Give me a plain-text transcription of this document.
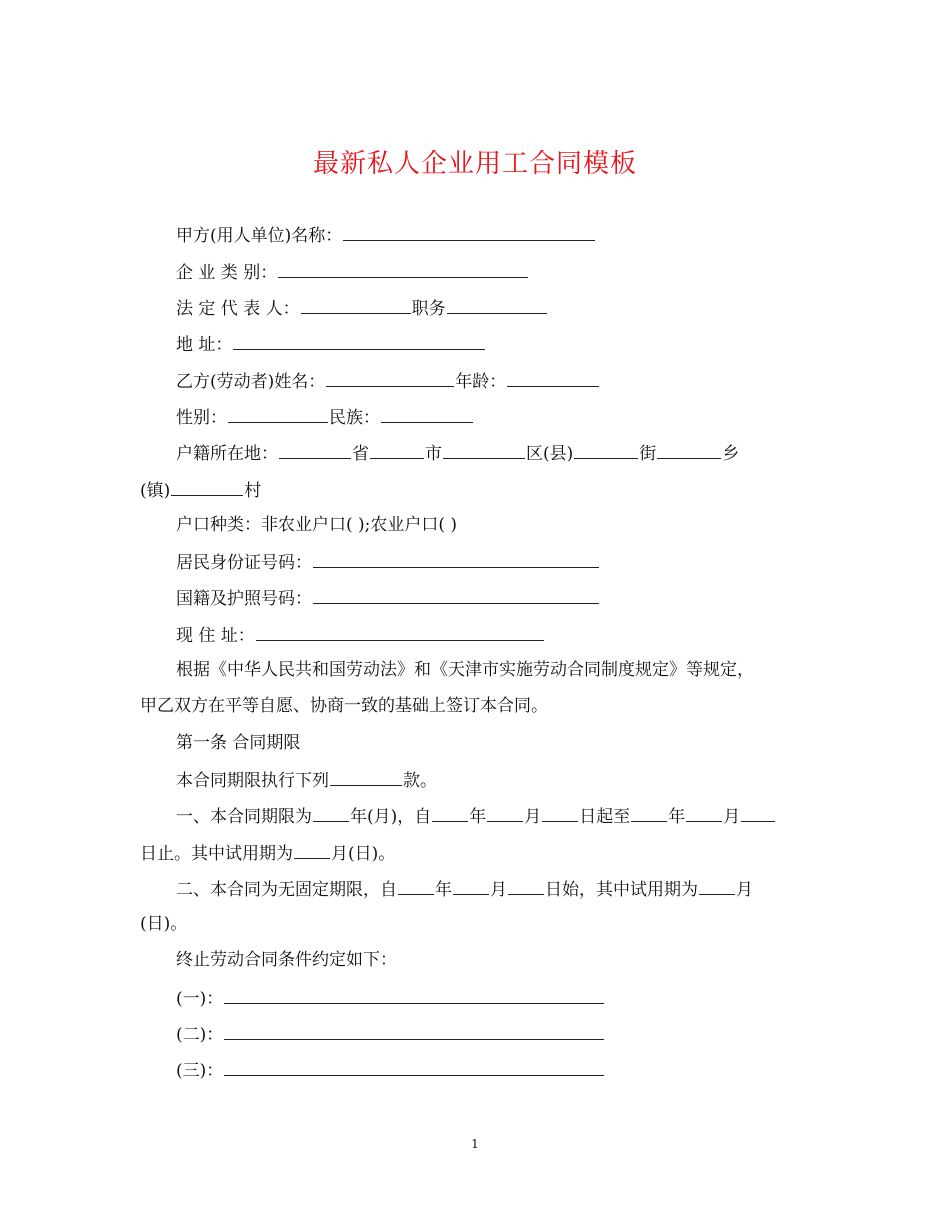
最新私人企业用工合同模板
甲方(用人单位)名称：
企 业 类 别：
法 定 代 表 人：	职务
地 址：
乙方(劳动者)姓名：	年龄：
性别：	民族：
户籍所在地：	省	市	区(县)	街	乡
(镇)	村
户口种类：非农业户口( );农业户口( )
居民身份证号码：
国籍及护照号码：
现 住 址：
根据《中华人民共和国劳动法》和《天津市实施劳动合同制度规定》等规定，
甲乙双方在平等自愿、协商一致的基础上签订本合同。
第一条 合同期限
本合同期限执行下列	款。
一、本合同期限为 年(月)，自 年 月 日起至 年 月
日止。其中试用期为 月(日)。
二、本合同为无固定期限，自 年 月 日始，其中试用期为 月
(日)。
终止劳动合同条件约定如下：
(一)：
(二)：
(三)：
1
